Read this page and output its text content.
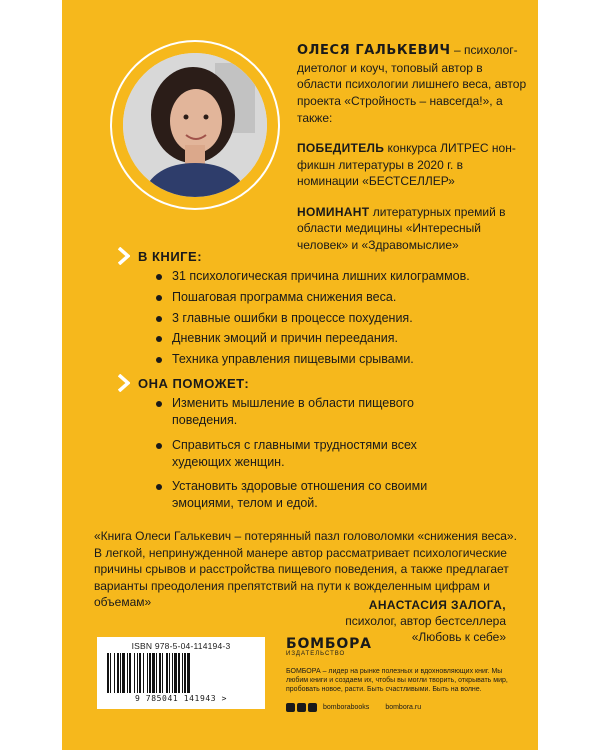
ОЛЕСЯ ГАЛЬКЕВИЧ – психолог-диетолог и коуч, топовый автор в области психологии лишнего веса, автор проекта «Стройность – навсегда!», а также:

ПОБЕДИТЕЛЬ конкурса ЛИТРЕС нон-фикшн литературы в 2020 г. в номинации «БЕСТСЕЛЛЕР»

НОМИНАНТ литературных премий в области медицины «Интересный человек» и «Здравомыслие»

В КНИГЕ:
31 психологическая причина лишних килограммов.
Пошаговая программа снижения веса.
3 главные ошибки в процессе похудения.
Дневник эмоций и причин переедания.
Техника управления пищевыми срывами.
ОНА ПОМОЖЕТ:
Изменить мышление в области пищевого поведения.
Справиться с главными трудностями всех худеющих женщин.
Установить здоровые отношения со своими эмоциями, телом и едой.

«Книга Олеси Галькевич – потерянный пазл головоломки «снижения веса». В легкой, непринужденной манере автор рассматривает психологические причины срывов и расстройства пищевого поведения, а также предлагает варианты преодоления препятствий на пути к вожделенным цифрам и объемам»	АНАСТАСИЯ ЗАЛОГА,
психолог, автор бестселлера
«Любовь к себе»
ISBN 978-5-04-114194-3
9 785041 141943 >
БОМБОРА
ИЗДАТЕЛЬСТВО
БОМБОРА – лидер на рынке полезных и вдохновляющих книг. Мы любим книги и создаем их, чтобы вы могли творить, открывать мир, пробовать новое, расти. Быть счастливыми. Быть на волне.
bomborabooks bombora.ru
